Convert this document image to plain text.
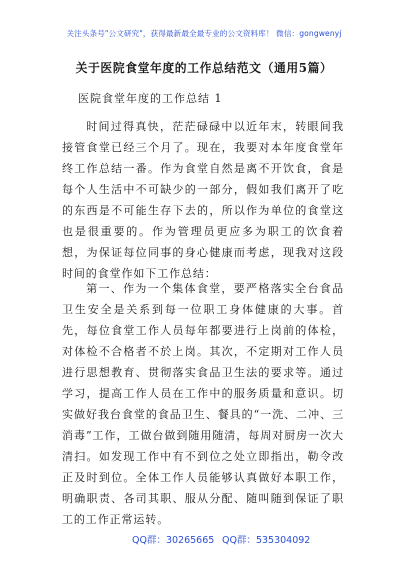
关注头条号"公文研究"，获得最新最全最专业的公文资料库！ 微信：gongwenyj
关于医院食堂年度的工作总结范文（通用5篇）
医院食堂年度的工作总结 1

时间过得真快，茫茫碌碌中以近年末，转眼间我接管食堂已经三个月了。现在，我要对本年度食堂年终工作总结一番。作为食堂自然是离不开饮食，食是每个人生活中不可缺少的一部分，假如我们离开了吃的东西是不可能生存下去的，所以作为单位的食堂这也是很重要的。作为管理员更应多为职工的饮食着想，为保证每位同事的身心健康而考虑，现我对这段时间的食堂作如下工作总结：

第一、作为一个集体食堂，要严格落实全台食品卫生安全是关系到每一位职工身体健康的大事。首先，每位食堂工作人员每年都要进行上岗前的体检，对体检不合格者不於上岗。其次，不定期对工作人员进行思想教育、贯彻落实食品卫生法的要求等。通过学习，提高工作人员在工作中的服务质量和意识。切实做好我台食堂的食品卫生、餐具的“一洗、二冲、三消毒”工作，工做台做到随用随清，每周对厨房一次大清扫。如发现工作中有不到位之处立即指出，勒令改正及时到位。全体工作人员能够认真做好本职工作，明确职责、各司其职、服从分配、随叫随到保证了职工的工作正常运转。

QQ群：30265665 QQ群：535304092
